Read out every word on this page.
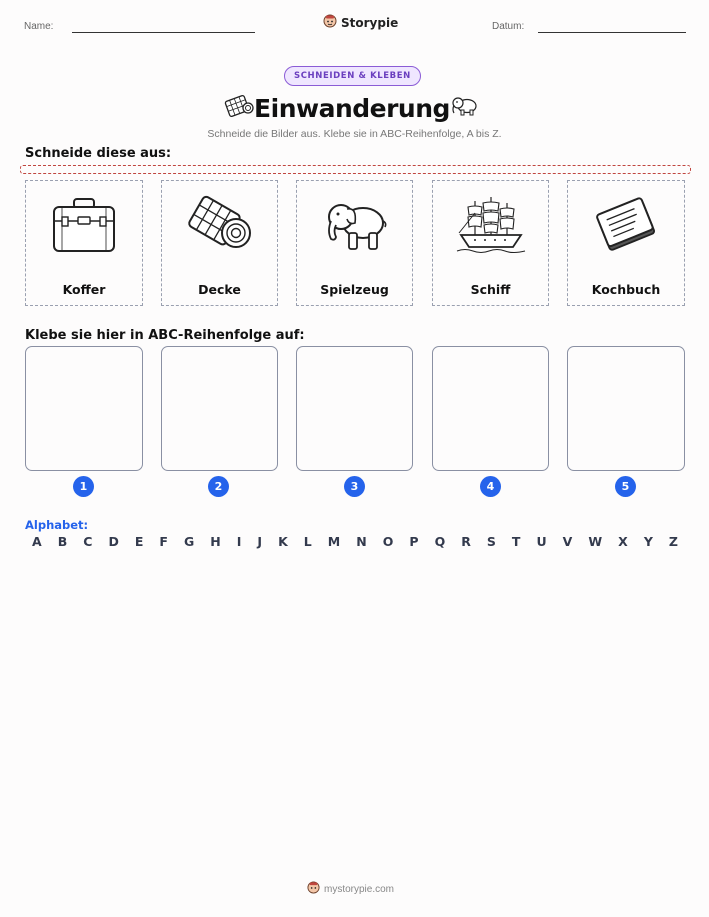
Name:	Storypie	Datum:
SCHNEIDEN & KLEBEN
Einwanderung
Schneide die Bilder aus. Klebe sie in ABC-Reihenfolge, A bis Z.
Schneide diese aus:
Koffer	Decke	Spielzeug	Schiff	Kochbuch
Klebe sie hier in ABC-Reihenfolge auf:
1	2	3	4	5
Alphabet:
A B C D E F G H I J K L M N O P Q R S T U V W X Y Z
mystorypie.com
